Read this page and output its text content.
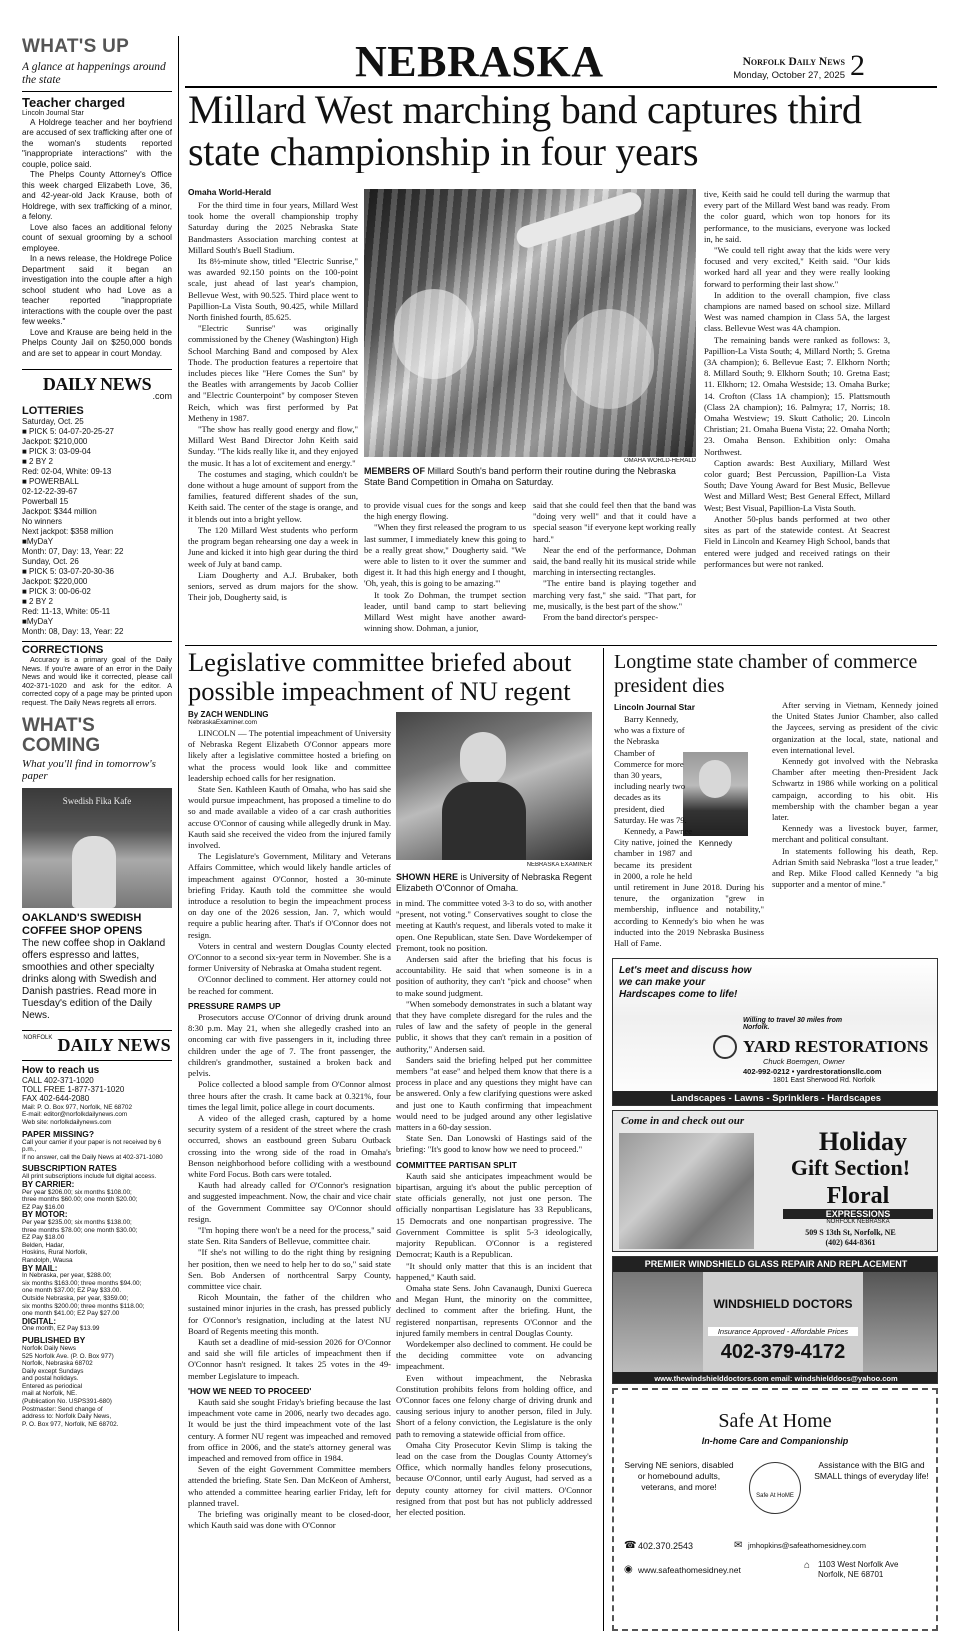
WHAT'S UP
A glance at happenings around the state
Teacher charged
Lincoln Journal Star

A Holdrege teacher and her boyfriend are accused of sex trafficking after one of the woman's students reported "inappropriate interactions" with the couple, police said.

The Phelps County Attorney's Office this week charged Elizabeth Love, 36, and 42-year-old Jack Krause, both of Holdrege, with sex trafficking of a minor, a felony.

Love also faces an additional felony count of sexual grooming by a school employee.

In a news release, the Holdrege Police Department said it began an investigation into the couple after a high school student who had Love as a teacher reported "inappropriate interactions with the couple over the past few weeks."

Love and Krause are being held in the Phelps County Jail on $250,000 bonds and are set to appear in court Monday.

DAILY NEWS
.com
LOTTERIES
Saturday, Oct. 25
■ PICK 5: 04-07-20-25-27
Jackpot: $210,000
■ PICK 3: 03-09-04
■ 2 BY 2
Red: 02-04, White: 09-13
■ POWERBALL
02-12-22-39-67
Powerball 15
Jackpot: $344 million
No winners
Next jackpot: $358 million
■MyDaY
Month: 07, Day: 13, Year: 22
Sunday, Oct. 26
■ PICK 5: 03-07-20-30-36
Jackpot: $220,000
■ PICK 3: 00-06-02
■ 2 BY 2
Red: 11-13, White: 05-11
■MyDaY
Month: 08, Day: 13, Year: 22
CORRECTIONS
Accuracy is a primary goal of the Daily News. If you're aware of an error in the Daily News and would like it corrected, please call 402-371-1020 and ask for the editor. A corrected copy of a page may be printed upon request. The Daily News regrets all errors.
WHAT'S COMING
What you'll find in tomorrow's paper
Swedish Fika Kafe
OAKLAND'S SWEDISH COFFEE SHOP OPENS
The new coffee shop in Oakland offers espresso and lattes, smoothies and other specialty drinks along with Swedish and Danish pastries. Read more in Tuesday's edition of the Daily News.
$^{NORFOLK}$ DAILY NEWS
How to reach us
CALL 402-371-1020
TOLL FREE 1-877-371-1020
FAX 402-644-2080
Mail: P. O. Box 977, Norfolk, NE 68702
E-mail: editor@norfolkdailynews.com
Web site: norfolkdailynews.com
PAPER MISSING?
Call your carrier if your paper is not received by 6 p.m.,
If no answer, call the Daily News at 402-371-1080
SUBSCRIPTION RATES
All print subscriptions include full digital access.
BY CARRIER:
Per year $206.00; six months $108.00;
three months $60.00; one month $20.00;
EZ Pay $16.00
BY MOTOR:
Per year $235.00; six months $138.00;
three months $78.00; one month $30.00;
EZ Pay $18.00
Belden, Hadar,
Hoskins, Rural Norfolk,
Randolph, Wausa
BY MAIL:
In Nebraska, per year, $288.00;
six months $163.00; three months $94.00;
one month $37.00; EZ Pay $33.00.
Outside Nebraska, per year, $359.00;
six months $200.00; three months $118.00;
one month $41.00; EZ Pay $27.00
DIGITAL:
One month, EZ Pay $13.99
PUBLISHED BY
Norfolk Daily News
525 Norfolk Ave. (P. O. Box 977)
Norfolk, Nebraska 68702
Daily except Sundays
and postal holidays.
Entered as periodical
mail at Norfolk, NE.
(Publication No. USPS391-680)
Postmaster: Send change of
address to: Norfolk Daily News,
P. O. Box 977, Norfolk, NE 68702.
NEBRASKA	Norfolk Daily News
Monday, October 27, 2025 2
Millard West marching band captures third state championship in four years
Omaha World-Herald

For the third time in four years, Millard West took home the overall championship trophy Saturday during the 2025 Nebraska State Bandmasters Association marching contest at Millard South's Buell Stadium.

Its 8½-minute show, titled "Electric Sunrise," was awarded 92.150 points on the 100-point scale, just ahead of last year's champion, Bellevue West, with 90.525. Third place went to Papillion-La Vista South, 90.425, while Millard North finished fourth, 85.625.

"Electric Sunrise" was originally commissioned by the Cheney (Washington) High School Marching Band and composed by Alex Thode. The production features a repertoire that includes pieces like "Here Comes the Sun" by the Beatles with arrangements by Jacob Collier and "Electric Counterpoint" by composer Steven Reich, which was first performed by Pat Metheny in 1987.

"The show has really good energy and flow," Millard West Band Director John Keith said Sunday. "The kids really like it, and they enjoyed the music. It has a lot of excitement and energy."

The costumes and staging, which couldn't be done without a huge amount of support from the families, featured different shades of the sun, Keith said. The center of the stage is orange, and it blends out into a bright yellow.

The 120 Millard West students who perform the program began rehearsing one day a week in June and kicked it into high gear during the third week of July at band camp.

Liam Dougherty and A.J. Brubaker, both seniors, served as drum majors for the show. Their job, Dougherty said, is

OMAHA WORLD-HERALD
MEMBERS OF Millard South's band perform their routine during the Nebraska State Band Competition in Omaha on Saturday.

to provide visual cues for the songs and keep the high energy flowing.

"When they first released the program to us last summer, I immediately knew this going to be a really great show," Dougherty said. "We were able to listen to it over the summer and digest it. It had this high energy and I thought, 'Oh, yeah, this is going to be amazing.'"

It took Zo Dohman, the trumpet section leader, until band camp to start believing Millard West might have another award-winning show. Dohman, a junior,

said that she could feel then that the band was "doing very well" and that it could have a special season "if everyone kept working really hard."

Near the end of the performance, Dohman said, the band really hit its musical stride while marching in intersecting rectangles.

"The entire band is playing together and marching very fast," she said. "That part, for me, musically, is the best part of the show."

From the band director's perspec-

tive, Keith said he could tell during the warmup that every part of the Millard West band was ready. From the color guard, which won top honors for its performance, to the musicians, everyone was locked in, he said.

"We could tell right away that the kids were very focused and very excited," Keith said. "Our kids worked hard all year and they were really looking forward to performing their last show."

In addition to the overall champion, five class champions are named based on school size. Millard West was named champion in Class 5A, the largest class. Bellevue West was 4A champion.

The remaining bands were ranked as follows: 3, Papillion-La Vista South; 4, Millard North; 5. Gretna (3A champion); 6. Bellevue East; 7. Elkhorn North; 8. Millard South; 9. Elkhorn South; 10. Gretna East; 11. Elkhorn; 12. Omaha Westside; 13. Omaha Burke; 14. Crofton (Class 1A champion); 15. Plattsmouth (Class 2A champion); 16. Palmyra; 17, Norris; 18. Omaha Westview; 19. Skutt Catholic; 20. Lincoln Christian; 21. Omaha Buena Vista; 22. Omaha North; 23. Omaha Benson. Exhibition only: Omaha Northwest.

Caption awards: Best Auxiliary, Millard West color guard; Best Percussion, Papillion-La Vista South; Dave Young Award for Best Music, Bellevue West and Millard West; Best General Effect, Millard West; Best Visual, Papillion-La Vista South.

Another 50-plus bands performed at two other sites as part of the statewide contest. At Seacrest Field in Lincoln and Kearney High School, bands that entered were judged and received ratings on their performances but were not ranked.

Legislative committee briefed about possible impeachment of NU regent
By ZACH WENDLING
NebraskaExaminer.com

LINCOLN — The potential impeachment of University of Nebraska Regent Elizabeth O'Connor appears more likely after a legislative committee hosted a briefing on what the process would look like and committee leadership echoed calls for her resignation.

State Sen. Kathleen Kauth of Omaha, who has said she would pursue impeachment, has proposed a timeline to do so and made available a video of a car crash authorities accuse O'Connor of causing while allegedly drunk in May. Kauth said she received the video from the injured family involved.

The Legislature's Government, Military and Veterans Affairs Committee, which would likely handle articles of impeachment against O'Connor, hosted a 30-minute briefing Friday. Kauth told the committee she would introduce a resolution to begin the impeachment process on day one of the 2026 session, Jan. 7, which would require a public hearing after. That's if O'Connor does not resign.

Voters in central and western Douglas County elected O'Connor to a second six-year term in November. She is a former University of Nebraska at Omaha student regent.

O'Connor declined to comment. Her attorney could not be reached for comment.

PRESSURE RAMPS UP

Prosecutors accuse O'Connor of driving drunk around 8:30 p.m. May 21, when she allegedly crashed into an oncoming car with five passengers in it, including three children under the age of 7. The front passenger, the children's grandmother, sustained a broken back and pelvis.

Police collected a blood sample from O'Connor almost three hours after the crash. It came back at 0.321%, four times the legal limit, police allege in court documents.

A video of the alleged crash, captured by a home security system of a resident of the street where the crash occurred, shows an eastbound green Subaru Outback crossing into the wrong side of the road in Omaha's Benson neighborhood before colliding with a westbound white Ford Focus. Both cars were totaled.

Kauth had already called for O'Connor's resignation and suggested impeachment. Now, the chair and vice chair of the Government Committee say O'Connor should resign.

"I'm hoping there won't be a need for the process," said state Sen. Rita Sanders of Bellevue, committee chair.

"If she's not willing to do the right thing by resigning her position, then we need to help her to do so," said state Sen. Bob Andersen of northcentral Sarpy County, committee vice chair.

Ricoh Mountain, the father of the children who sustained minor injuries in the crash, has pressed publicly for O'Connor's resignation, including at the latest NU Board of Regents meeting this month.

Kauth set a deadline of mid-session 2026 for O'Connor and said she will file articles of impeachment then if O'Connor hasn't resigned. It takes 25 votes in the 49-member Legislature to impeach.

'HOW WE NEED TO PROCEED'

Kauth said she sought Friday's briefing because the last impeachment vote came in 2006, nearly two decades ago. It would be just the third impeachment vote of the last century. A former NU regent was impeached and removed from office in 2006, and the state's attorney general was impeached and removed from office in 1984.

Seven of the eight Government Committee members attended the briefing. State Sen. Dan McKeon of Amherst, who attended a committee hearing earlier Friday, left for planned travel.

The briefing was originally meant to be closed-door, which Kauth said was done with O'Connor

NEBRASKA EXAMINER
SHOWN HERE is University of Nebraska Regent Elizabeth O'Connor of Omaha.

in mind. The committee voted 3-3 to do so, with another "present, not voting." Conservatives sought to close the meeting at Kauth's request, and liberals voted to make it open. One Republican, state Sen. Dave Wordekemper of Fremont, took no position.

Andersen said after the briefing that his focus is accountability. He said that when someone is in a position of authority, they can't "pick and choose" when to make sound judgment.

"When somebody demonstrates in such a blatant way that they have complete disregard for the rules and the rules of law and the safety of people in the general public, it shows that they can't remain in a position of authority," Andersen said.

Sanders said the briefing helped put her committee members "at ease" and helped them know that there is a process in place and any questions they might have can be answered. Only a few clarifying questions were asked and just one to Kauth confirming that impeachment would need to be judged around any other legislative matters in a 60-day session.

State Sen. Dan Lonowski of Hastings said of the briefing: "It's good to know how we need to proceed."

COMMITTEE PARTISAN SPLIT

Kauth said she anticipates impeachment would be bipartisan, arguing it's about the public perception of state officials generally, not just one person. The officially nonpartisan Legislature has 33 Republicans, 15 Democrats and one nonpartisan progressive. The Government Committee is split 5-3 ideologically, majority Republican. O'Connor is a registered Democrat; Kauth is a Republican.

"It should only matter that this is an incident that happened," Kauth said.

Omaha state Sens. John Cavanaugh, Dunixi Guereca and Megan Hunt, the minority on the committee, declined to comment after the briefing. Hunt, the registered nonpartisan, represents O'Connor and the injured family members in central Douglas County.

Wordekemper also declined to comment. He could be the deciding committee vote on advancing impeachment.

Even without impeachment, the Nebraska Constitution prohibits felons from holding office, and O'Connor faces one felony charge of driving drunk and causing serious injury to another person, filed in July. Short of a felony conviction, the Legislature is the only path to removing a statewide official from office.

Omaha City Prosecutor Kevin Slimp is taking the lead on the case from the Douglas County Attorney's Office, which normally handles felony prosecutions, because O'Connor, until early August, had served as a deputy county attorney for civil matters. O'Connor resigned from that post but has not publicly addressed her elected position.

Longtime state chamber of commerce president dies
Lincoln Journal Star
Kennedy

Barry Kennedy, who was a fixture of the Nebraska Chamber of Commerce for more than 30 years, including nearly two decades as its president, died Saturday. He was 79.

Kennedy, a Pawnee City native, joined the chamber in 1987 and became its president in 2000, a role he held until retirement in June 2018. During his tenure, the organization "grew in membership, influence and notability," according to Kennedy's bio when he was inducted into the 2019 Nebraska Business Hall of Fame.

After serving in Vietnam, Kennedy joined the United States Junior Chamber, also called the Jaycees, serving as president of the civic organization at the local, state, national and even international level.

Kennedy got involved with the Nebraska Chamber after meeting then-President Jack Schwartz in 1986 while working on a political campaign, according to his obit. His membership with the chamber began a year later.

Kennedy was a livestock buyer, farmer, merchant and political consultant.

In statements following his death, Rep. Adrian Smith said Nebraska "lost a true leader," and Rep. Mike Flood called Kennedy "a big supporter and a mentor of mine."

Let's meet and discuss how we can make your Hardscapes come to life!
Willing to travel 30 miles from Norfolk.
YARD RESTORATIONS
Chuck Boemgen, Owner
402-992-0212 • yardrestorationsllc.com
1801 East Sherwood Rd. Norfolk
Landscapes - Lawns - Sprinklers - Hardscapes
Come in and check out our
Holiday
Gift Section!
Floral
EXPRESSIONS
NORFOLK NEBRASKA
509 S 13th St, Norfolk, NE
(402) 644-8361
PREMIER WINDSHIELD GLASS REPAIR AND REPLACEMENT
WINDSHIELD DOCTORS
Insurance Approved - Affordable Prices
402-379-4172
www.thewindshielddoctors.com email: windshielddocs@yahoo.com
Safe At Home
In-home Care and Companionship
Serving NE seniors, disabled or homebound adults, veterans, and more!
Safe At HoME
Assistance with the BIG and SMALL things of everyday life!
☎ 402.370.2543	✉ jmhopkins@safeathomesidney.com
◉ www.safeathomesidney.net	⌂ 1103 West Norfolk Ave Norfolk, NE 68701
